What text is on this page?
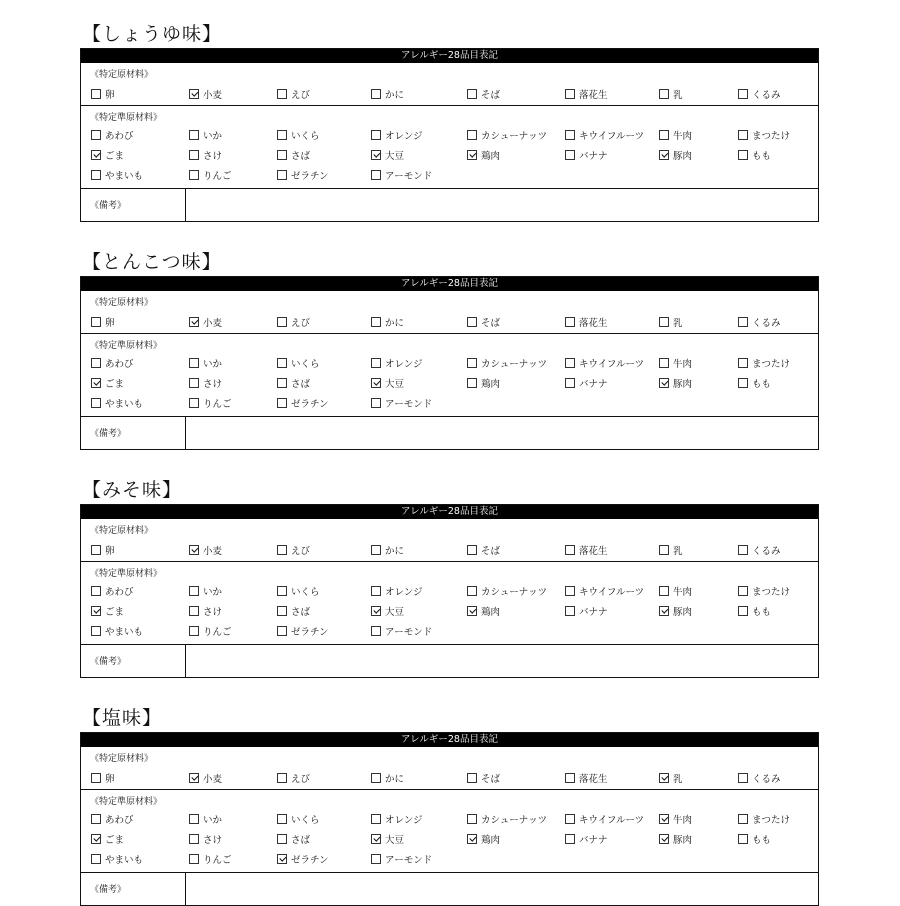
【しょうゆ味】
アレルギー28品目表記
《特定原材料》
卵	小麦	えび	かに	そば	落花生	乳	くるみ
《特定準原材料》
あわび	いか	いくら	オレンジ	カシューナッツ	キウイフルーツ	牛肉	まつたけ
ごま	さけ	さば	大豆	鶏肉	バナナ	豚肉	もも
やまいも	りんご	ゼラチン	アーモンド
《備考》
【とんこつ味】
アレルギー28品目表記
《特定原材料》
卵	小麦	えび	かに	そば	落花生	乳	くるみ
《特定準原材料》
あわび	いか	いくら	オレンジ	カシューナッツ	キウイフルーツ	牛肉	まつたけ
ごま	さけ	さば	大豆	鶏肉	バナナ	豚肉	もも
やまいも	りんご	ゼラチン	アーモンド
《備考》
【みそ味】
アレルギー28品目表記
《特定原材料》
卵	小麦	えび	かに	そば	落花生	乳	くるみ
《特定準原材料》
あわび	いか	いくら	オレンジ	カシューナッツ	キウイフルーツ	牛肉	まつたけ
ごま	さけ	さば	大豆	鶏肉	バナナ	豚肉	もも
やまいも	りんご	ゼラチン	アーモンド
《備考》
【塩味】
アレルギー28品目表記
《特定原材料》
卵	小麦	えび	かに	そば	落花生	乳	くるみ
《特定準原材料》
あわび	いか	いくら	オレンジ	カシューナッツ	キウイフルーツ	牛肉	まつたけ
ごま	さけ	さば	大豆	鶏肉	バナナ	豚肉	もも
やまいも	りんご	ゼラチン	アーモンド
《備考》
